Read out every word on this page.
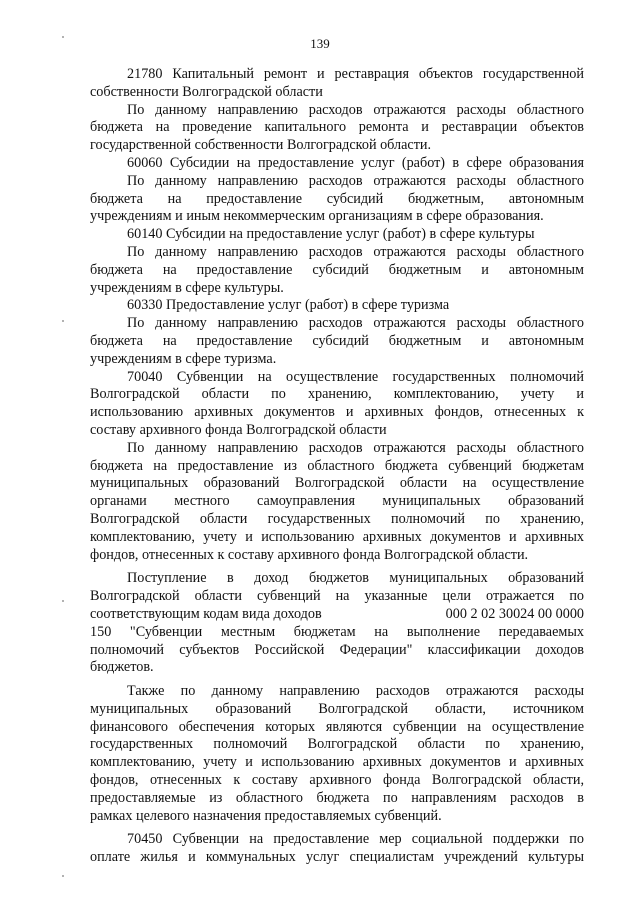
139
21780 Капитальный ремонт и реставрация объектов государственной
собственности Волгоградской области
По данному направлению расходов отражаются расходы областного
бюджета на проведение капитального ремонта и реставрации объектов
государственной собственности Волгоградской области.
60060 Субсидии на предоставление услуг (работ) в сфере образования
По данному направлению расходов отражаются расходы областного
бюджета на предоставление субсидий бюджетным, автономным
учреждениям и иным некоммерческим организациям в сфере образования.
60140 Субсидии на предоставление услуг (работ) в сфере культуры
По данному направлению расходов отражаются расходы областного
бюджета на предоставление субсидий бюджетным и автономным
учреждениям в сфере культуры.
60330 Предоставление услуг (работ) в сфере туризма
По данному направлению расходов отражаются расходы областного
бюджета на предоставление субсидий бюджетным и автономным
учреждениям в сфере туризма.
70040 Субвенции на осуществление государственных полномочий
Волгоградской области по хранению, комплектованию, учету и
использованию архивных документов и архивных фондов, отнесенных к
составу архивного фонда Волгоградской области
По данному направлению расходов отражаются расходы областного
бюджета на предоставление из областного бюджета субвенций бюджетам
муниципальных образований Волгоградской области на осуществление
органами местного самоуправления муниципальных образований
Волгоградской области государственных полномочий по хранению,
комплектованию, учету и использованию архивных документов и архивных
фондов, отнесенных к составу архивного фонда Волгоградской области.
Поступление в доход бюджетов муниципальных образований
Волгоградской области субвенций на указанные цели отражается по
соответствующим кодам вида доходов	000 2 02 30024 00 0000
150 "Субвенции местным бюджетам на выполнение передаваемых
полномочий субъектов Российской Федерации" классификации доходов
бюджетов.
Также по данному направлению расходов отражаются расходы
муниципальных образований Волгоградской области, источником
финансового обеспечения которых являются субвенции на осуществление
государственных полномочий Волгоградской области по хранению,
комплектованию, учету и использованию архивных документов и архивных
фондов, отнесенных к составу архивного фонда Волгоградской области,
предоставляемые из областного бюджета по направлениям расходов в
рамках целевого назначения предоставляемых субвенций.
70450 Субвенции на предоставление мер социальной поддержки по
оплате жилья и коммунальных услуг специалистам учреждений культуры
